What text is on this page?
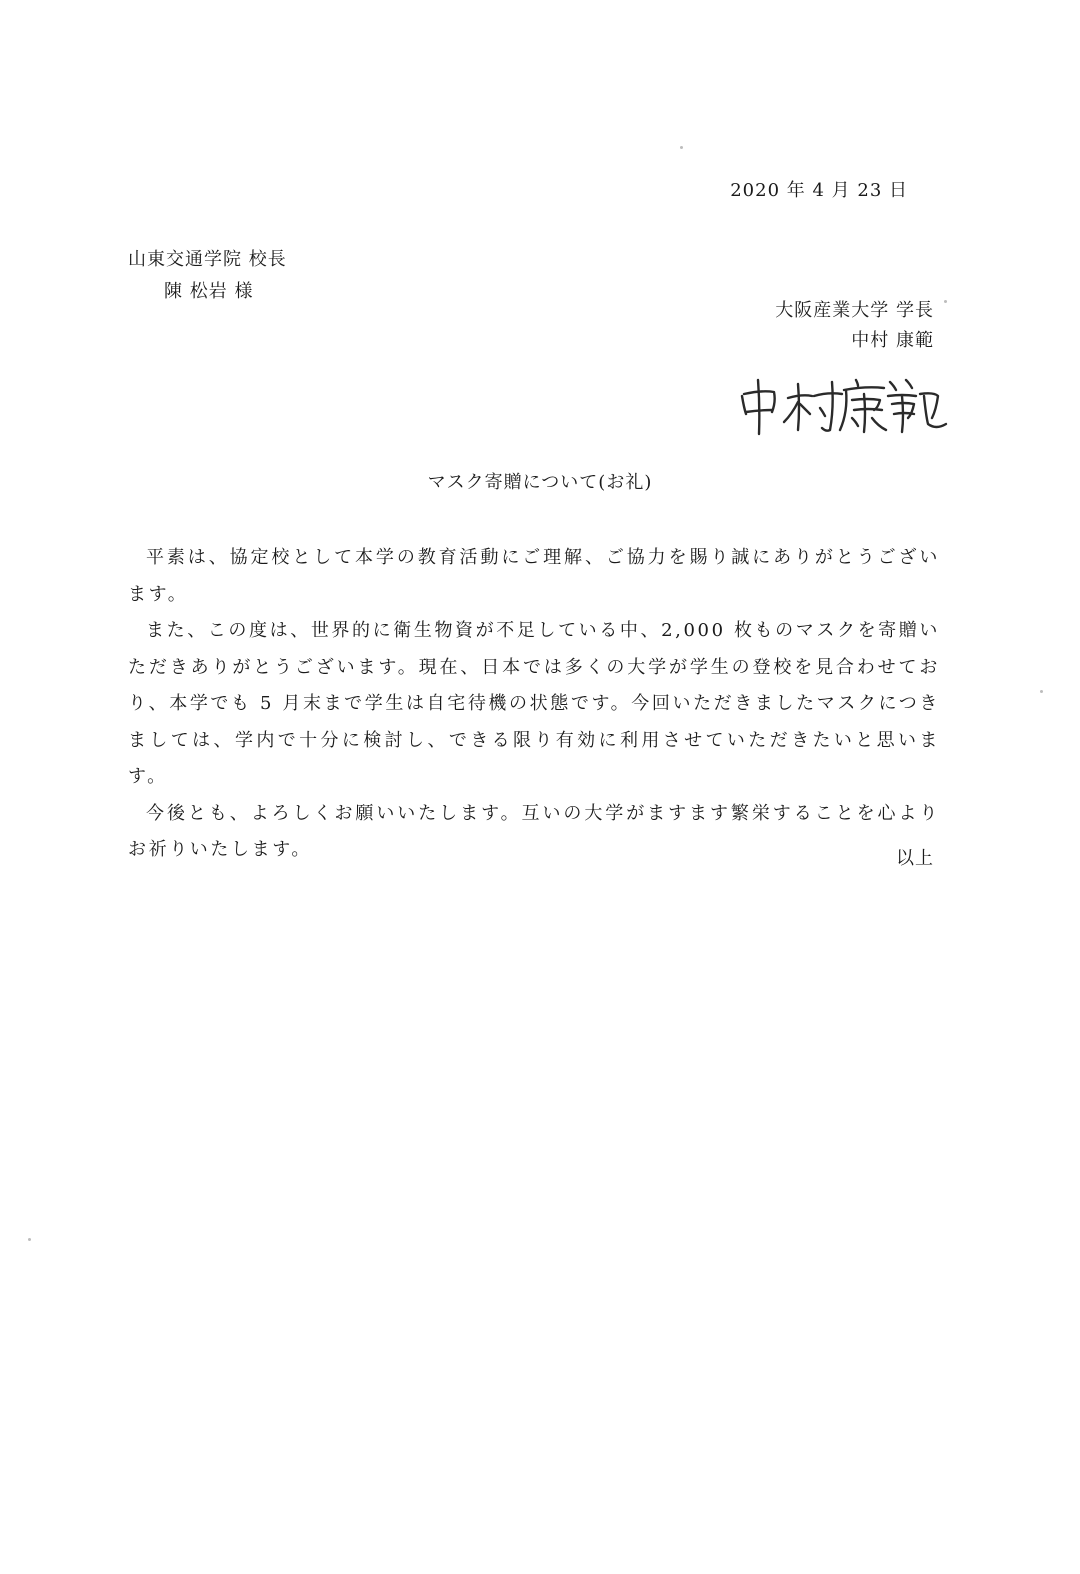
2020 年 4 月 23 日
山東交通学院 校長
陳 松岩 様
大阪産業大学 学長
中村 康範
マスク寄贈について(お礼)

平素は、協定校として本学の教育活動にご理解、ご協力を賜り誠にありがとうございます。

また、この度は、世界的に衛生物資が不足している中、2,000 枚ものマスクを寄贈いただきありがとうございます。現在、日本では多くの大学が学生の登校を見合わせており、本学でも 5 月末まで学生は自宅待機の状態です。今回いただきましたマスクにつきましては、学内で十分に検討し、できる限り有効に利用させていただきたいと思います。

今後とも、よろしくお願いいたします。互いの大学がますます繁栄することを心よりお祈りいたします。	以上
